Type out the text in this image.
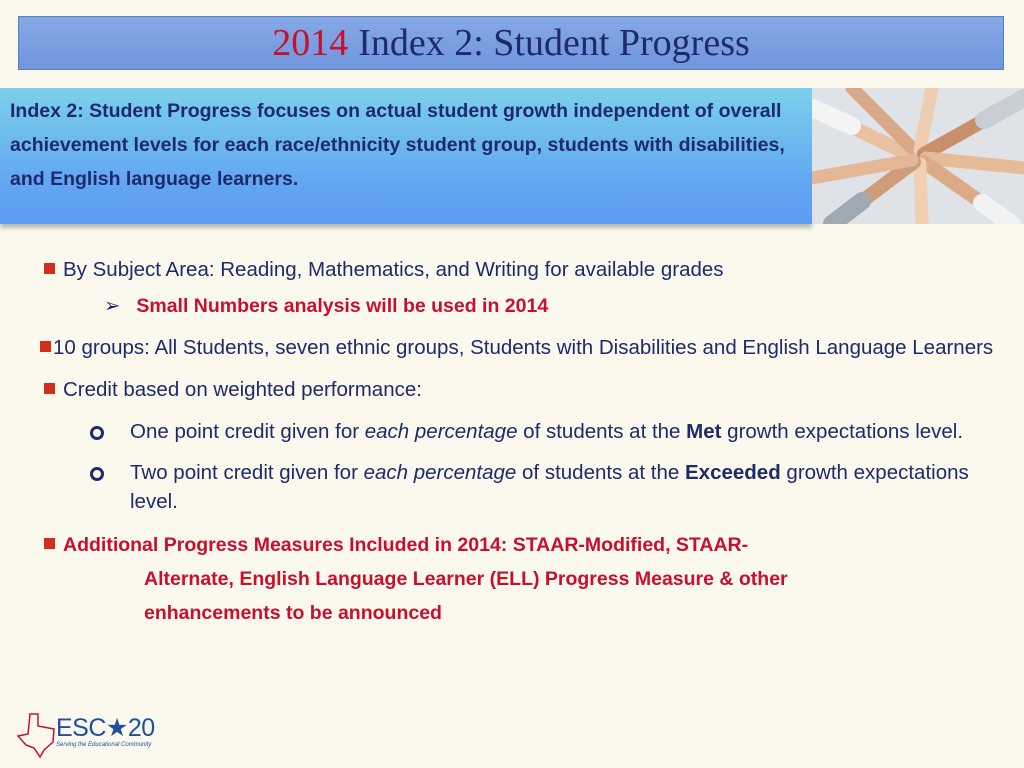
2014 Index 2: Student Progress
Index 2: Student Progress focuses on actual student growth independent of overall achievement levels for each race/ethnicity student group, students with disabilities, and English language learners.
By Subject Area: Reading, Mathematics, and Writing for available grades
➢ Small Numbers analysis will be used in 2014
10 groups: All Students, seven ethnic groups, Students with Disabilities and English Language Learners
Credit based on weighted performance:
One point credit given for each percentage of students at the Met growth expectations level.
Two point credit given for each percentage of students at the Exceeded growth expectations level.
Additional Progress Measures Included in 2014: STAAR-Modified, STAAR-
Alternate, English Language Learner (ELL) Progress Measure & other
enhancements to be announced
ESC★20
Serving the Educational Community
